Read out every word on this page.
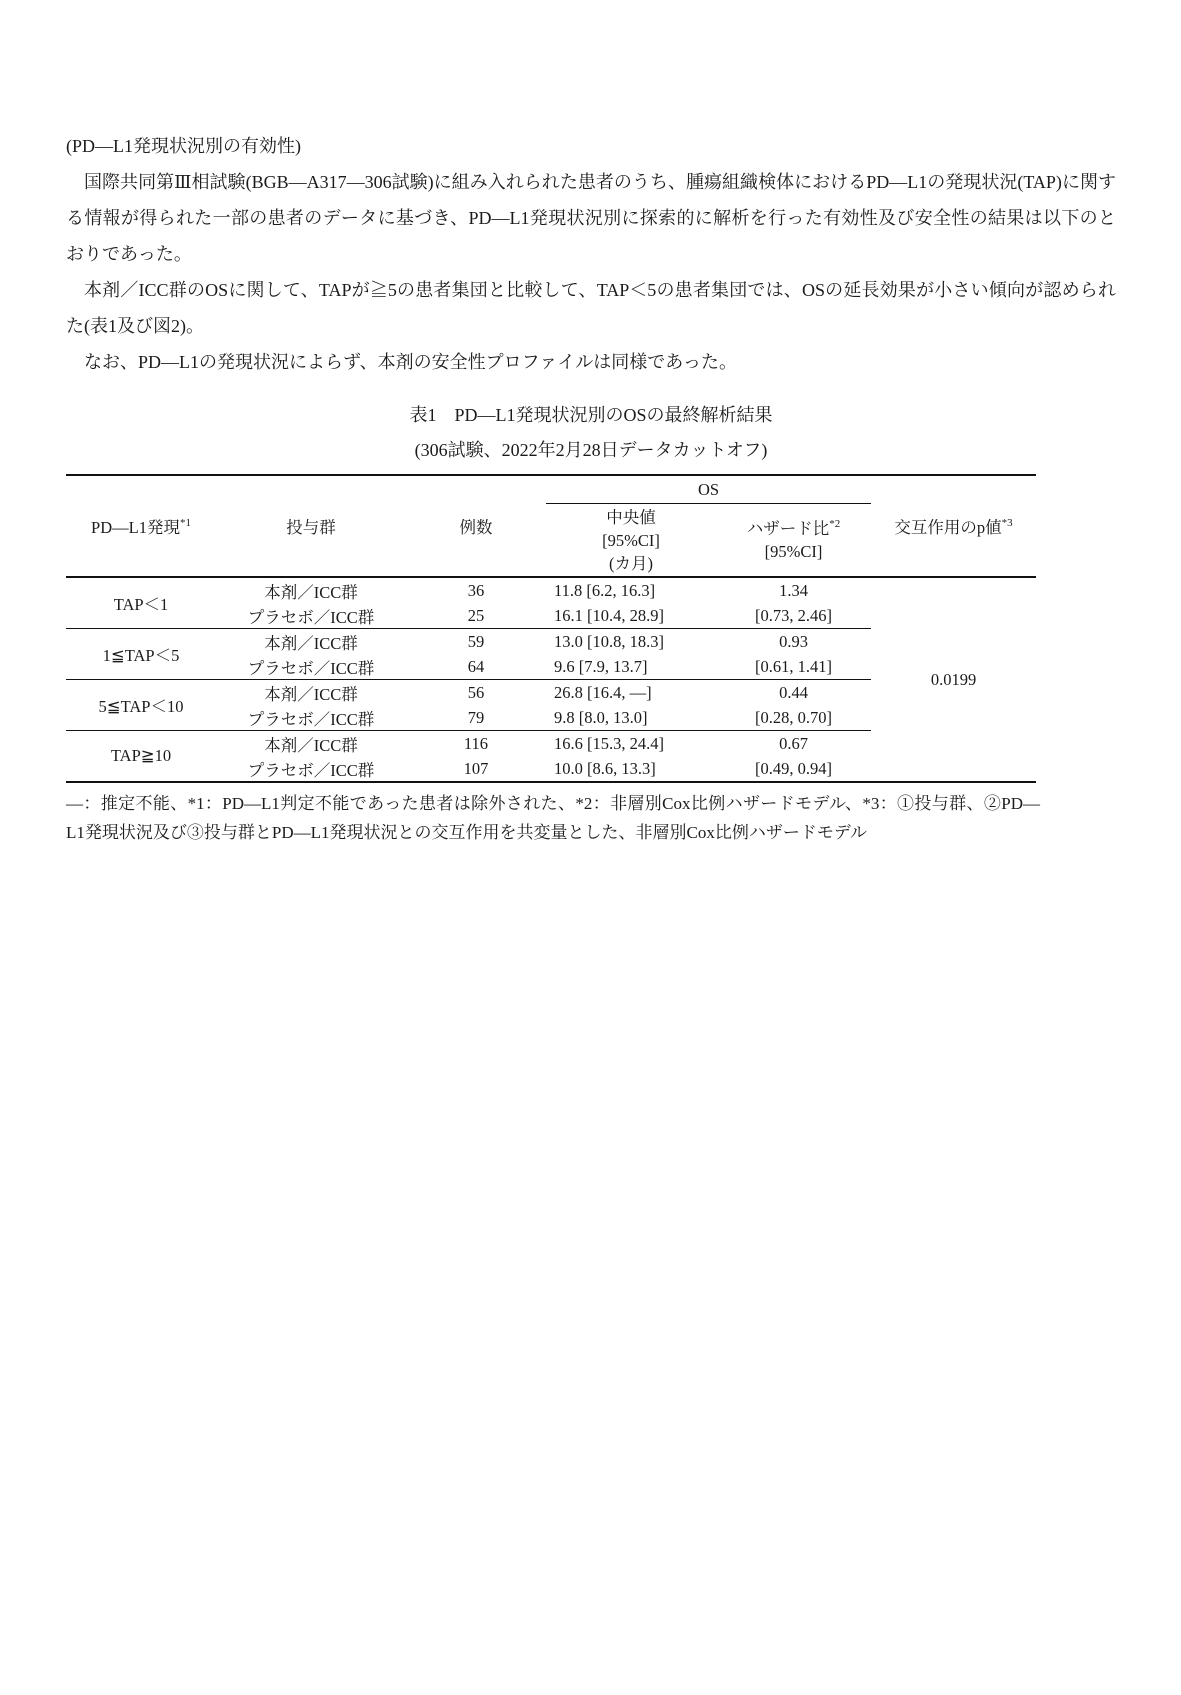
(PD—L1発現状況別の有効性)

国際共同第Ⅲ相試験(BGB—A317—306試験)に組み入れられた患者のうち、腫瘍組織検体におけるPD—L1の発現状況(TAP)に関する情報が得られた一部の患者のデータに基づき、PD—L1発現状況別に探索的に解析を行った有効性及び安全性の結果は以下のとおりであった。

本剤／ICC群のOSに関して、TAPが≧5の患者集団と比較して、TAP＜5の患者集団では、OSの延長効果が小さい傾向が認められた(表1及び図2)。

なお、PD—L1の発現状況によらず、本剤の安全性プロファイルは同様であった。

表1　PD—L1発現状況別のOSの最終解析結果
(306試験、2022年2月28日データカットオフ)
PD—L1発現$^{*1}$	投与群	例数	OS		交互作用のp値$^{*3}$

			中央値
[95%CI]
(カ月)	ハザード比$^{*2}$
[95%CI]	

TAP＜1	本剤／ICC群	36	11.8 [6.2, 16.3]	1.34	0.0199
	プラセボ／ICC群	25	16.1 [10.4, 28.9]	[0.73, 2.46]	
1≦TAP＜5	本剤／ICC群	59	13.0 [10.8, 18.3]	0.93	
	プラセボ／ICC群	64	9.6 [7.9, 13.7]	[0.61, 1.41]	
5≦TAP＜10	本剤／ICC群	56	26.8 [16.4, —]	0.44	
	プラセボ／ICC群	79	9.8 [8.0, 13.0]	[0.28, 0.70]	
TAP≧10	本剤／ICC群	116	16.6 [15.3, 24.4]	0.67	
	プラセボ／ICC群	107	10.0 [8.6, 13.3]	[0.49, 0.94]	

—：推定不能、*1：PD—L1判定不能であった患者は除外された、*2：非層別Cox比例ハザードモデル、*3：①投与群、②PD—L1発現状況及び③投与群とPD—L1発現状況との交互作用を共変量とした、非層別Cox比例ハザードモデル
